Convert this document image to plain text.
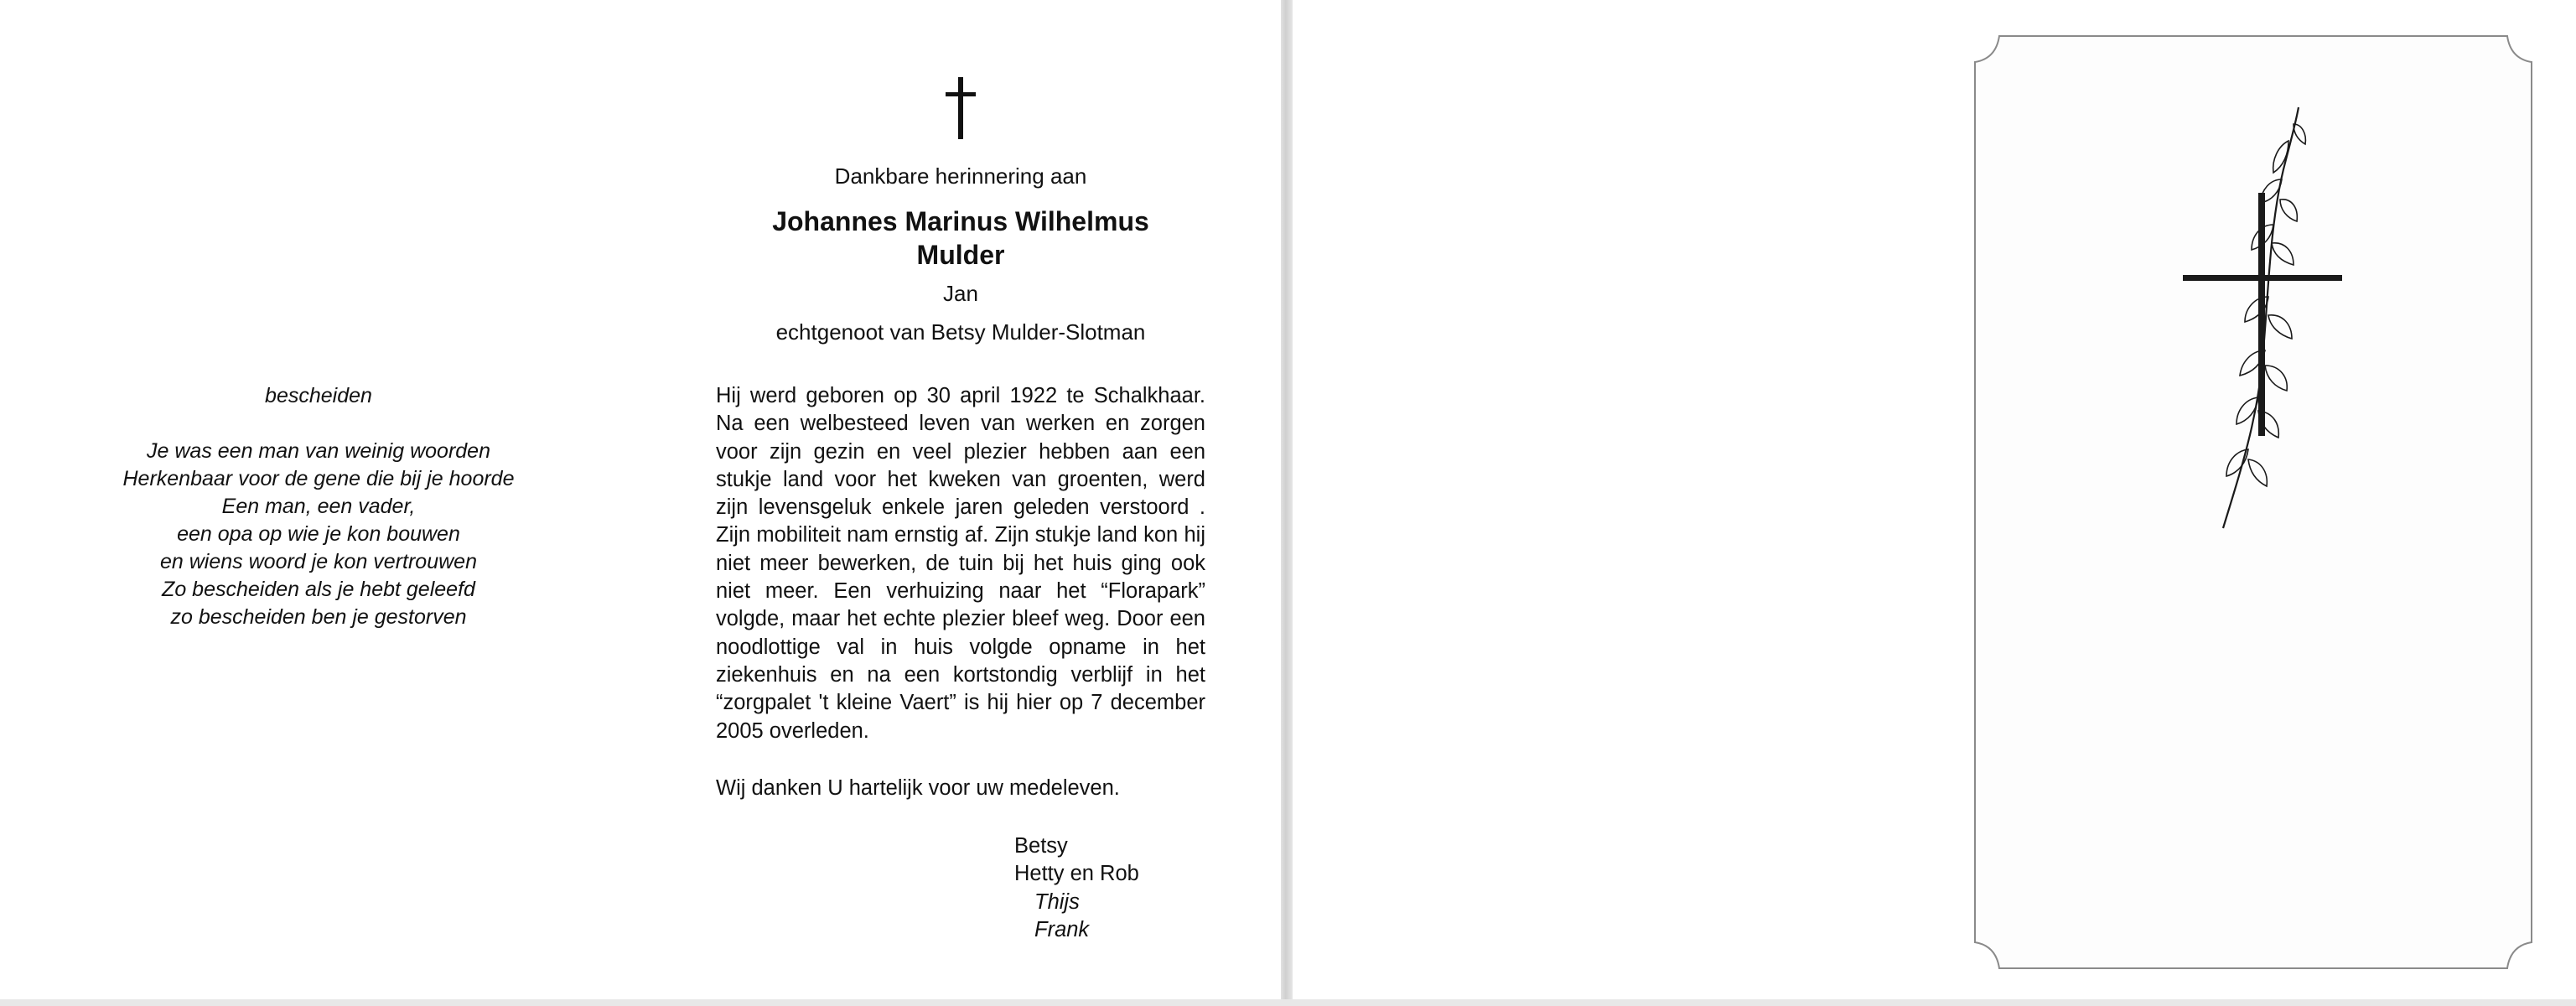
bescheiden
Je was een man van weinig woorden
Herkenbaar voor de gene die bij je hoorde
Een man, een vader,
een opa op wie je kon bouwen
en wiens woord je kon vertrouwen
Zo bescheiden als je hebt geleefd
zo bescheiden ben je gestorven
Dankbare herinnering aan
Johannes Marinus Wilhelmus
Mulder
Jan
echtgenoot van Betsy Mulder-Slotman
Hij werd geboren op 30 april 1922 te Schalkhaar. Na een welbesteed leven van werken en zorgen voor zijn gezin en veel plezier hebben aan een stukje land voor het kweken van groenten, werd zijn levensgeluk enkele jaren geleden verstoord . Zijn mobiliteit nam ernstig af. Zijn stukje land kon hij niet meer bewerken, de tuin bij het huis ging ook niet meer. Een verhuizing naar het “Florapark” volgde, maar het echte plezier bleef weg. Door een noodlottige val in huis volgde opname in het ziekenhuis en na een kortstondig verblijf in het “zorgpalet 't kleine Vaert” is hij hier op 7 december 2005 overleden.
Wij danken U hartelijk voor uw medeleven.
Betsy
Hetty en Rob
Thijs
Frank
